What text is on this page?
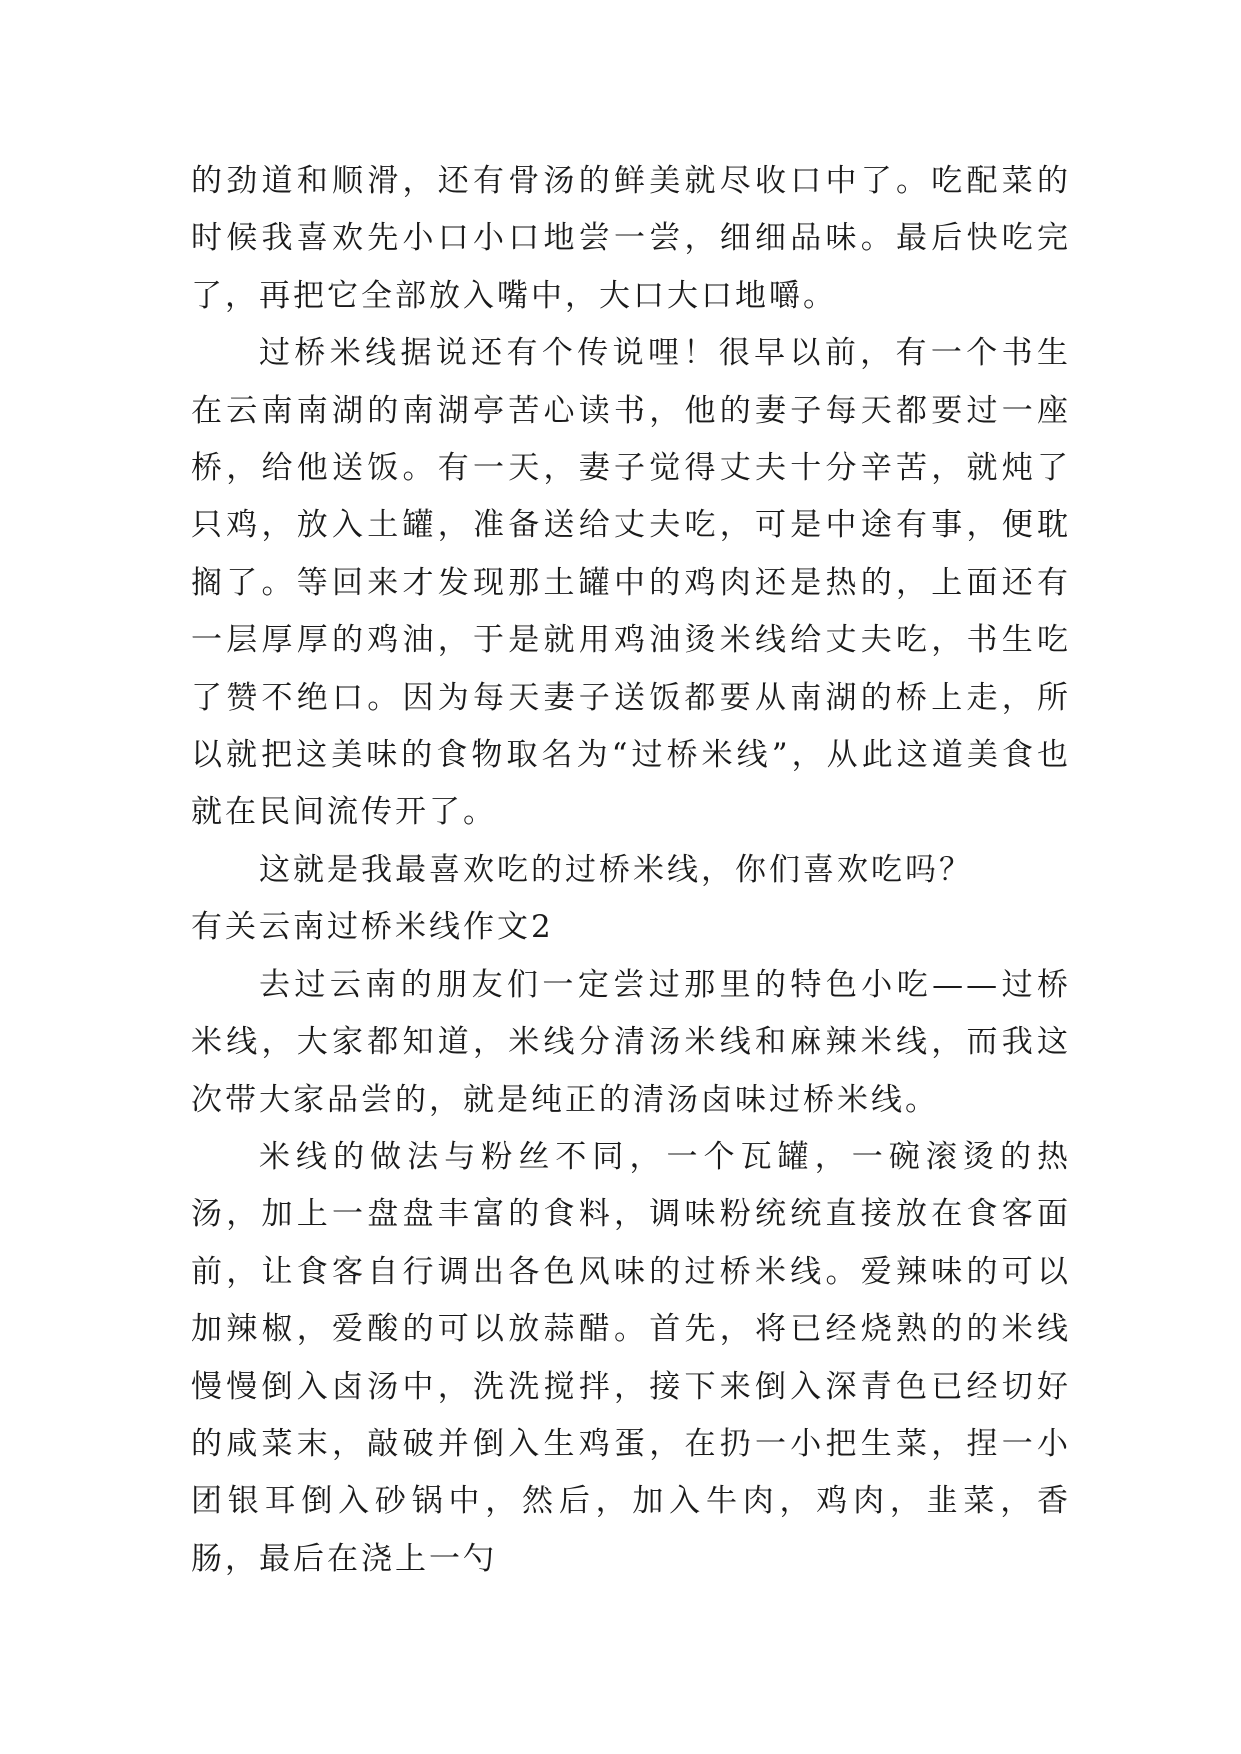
的劲道和顺滑，还有骨汤的鲜美就尽收口中了。吃配菜的时候我喜欢先小口小口地尝一尝，细细品味。最后快吃完了，再把它全部放入嘴中，大口大口地嚼。

过桥米线据说还有个传说哩！很早以前，有一个书生在云南南湖的南湖亭苦心读书，他的妻子每天都要过一座桥，给他送饭。有一天，妻子觉得丈夫十分辛苦，就炖了只鸡，放入土罐，准备送给丈夫吃，可是中途有事，便耽搁了。等回来才发现那土罐中的鸡肉还是热的，上面还有一层厚厚的鸡油，于是就用鸡油烫米线给丈夫吃，书生吃了赞不绝口。因为每天妻子送饭都要从南湖的桥上走，所以就把这美味的食物取名为“过桥米线”，从此这道美食也就在民间流传开了。

这就是我最喜欢吃的过桥米线，你们喜欢吃吗？

有关云南过桥米线作文2

去过云南的朋友们一定尝过那里的特色小吃——过桥米线，大家都知道，米线分清汤米线和麻辣米线，而我这次带大家品尝的，就是纯正的清汤卤味过桥米线。

米线的做法与粉丝不同，一个瓦罐，一碗滚烫的热汤，加上一盘盘丰富的食料，调味粉统统直接放在食客面前，让食客自行调出各色风味的过桥米线。爱辣味的可以加辣椒，爱酸的可以放蒜醋。首先，将已经烧熟的的米线慢慢倒入卤汤中，洗洗搅拌，接下来倒入深青色已经切好的咸菜末，敲破并倒入生鸡蛋，在扔一小把生菜，捏一小团银耳倒入砂锅中，然后，加入牛肉，鸡肉，韭菜，香肠，最后在浇上一勺
